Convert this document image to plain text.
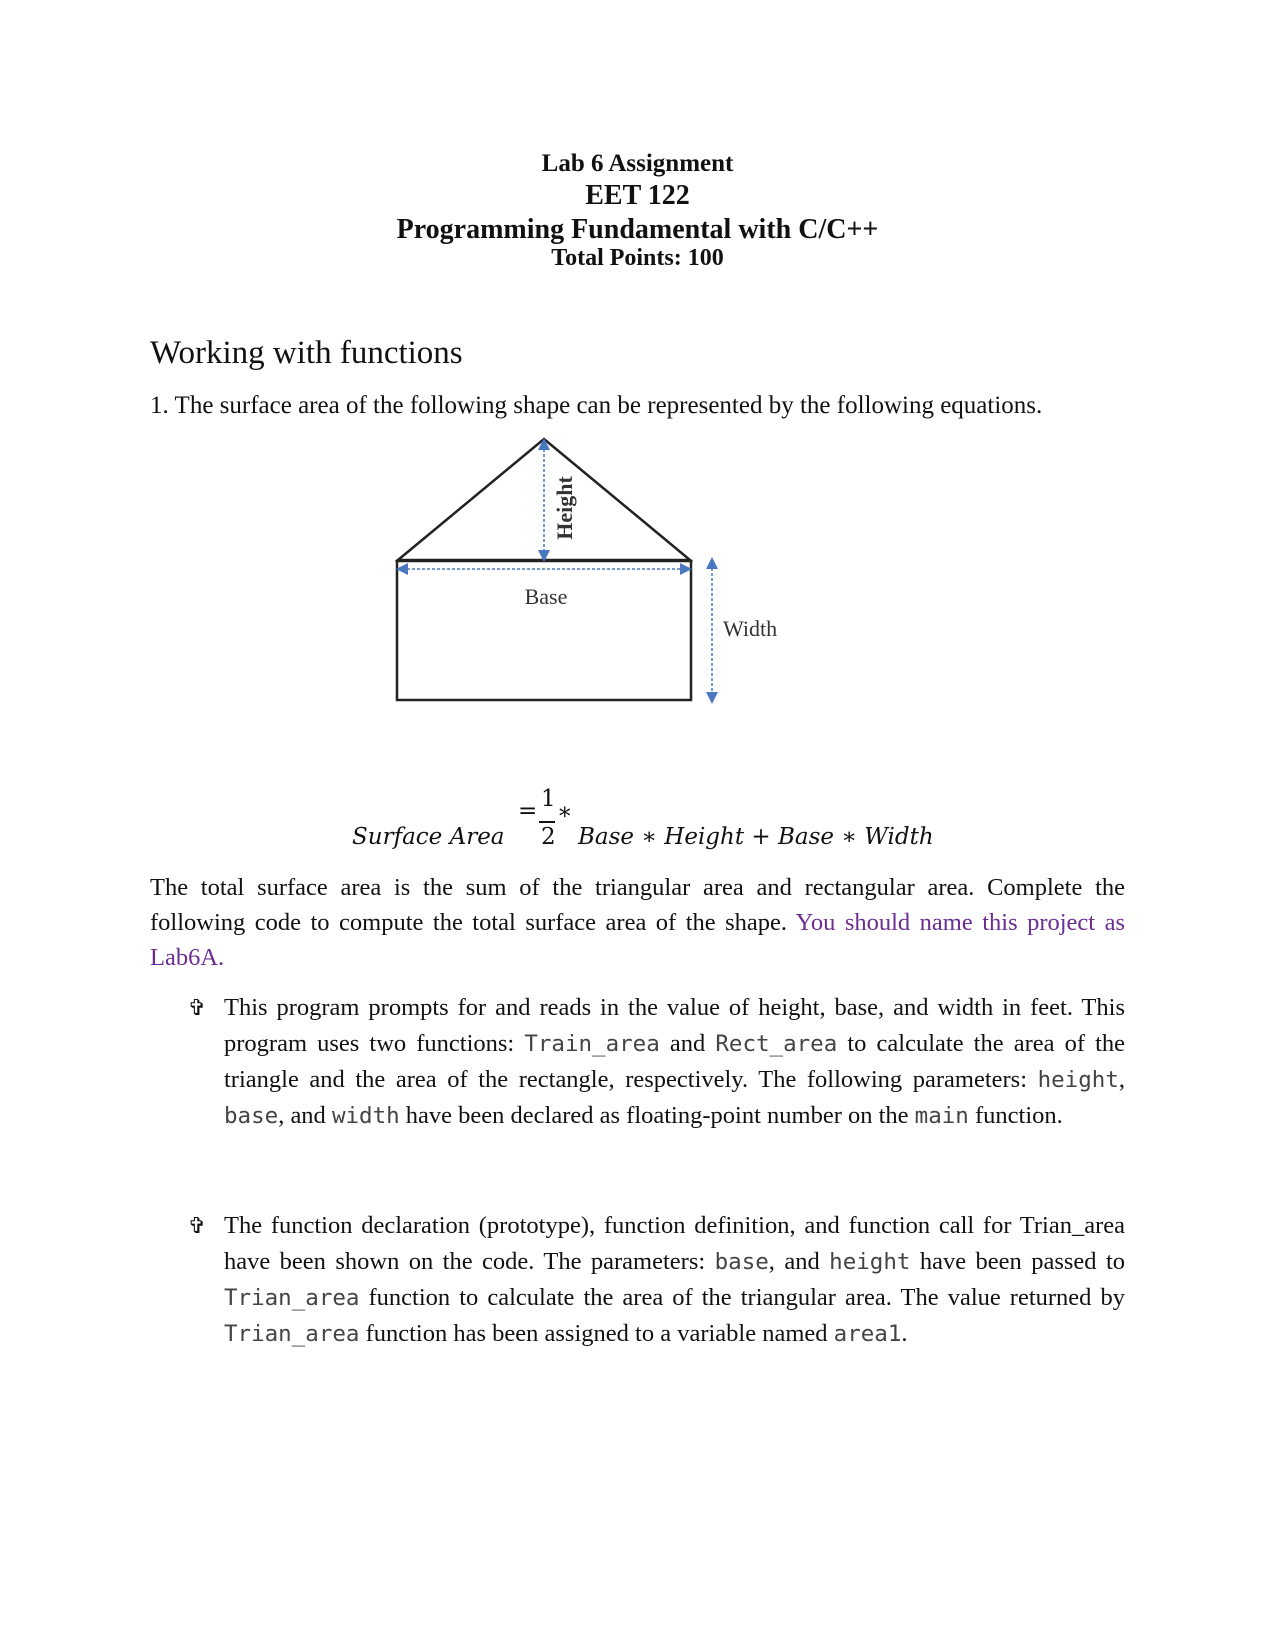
Lab 6 Assignment
EET 122
Programming Fundamental with C/C++
Total Points: 100
Working with functions
1. The surface area of the following shape can be represented by the following equations.
Height
Base
Width
Surface Area
= 1
2
*
Base ∗ Height + Base ∗ Width
The total surface area is the sum of the triangular area and rectangular area. Complete the following code to compute the total surface area of the shape. You should name this project as Lab6A.
✞ This program prompts for and reads in the value of height, base, and width in feet. This program uses two functions: Train_area and Rect_area to calculate the area of the triangle and the area of the rectangle, respectively. The following parameters: height, base, and width have been declared as floating-point number on the main function.
✞ The function declaration (prototype), function definition, and function call for Trian_area have been shown on the code. The parameters: base, and height have been passed to Trian_area function to calculate the area of the triangular area. The value returned by Trian_area function has been assigned to a variable named area1.
